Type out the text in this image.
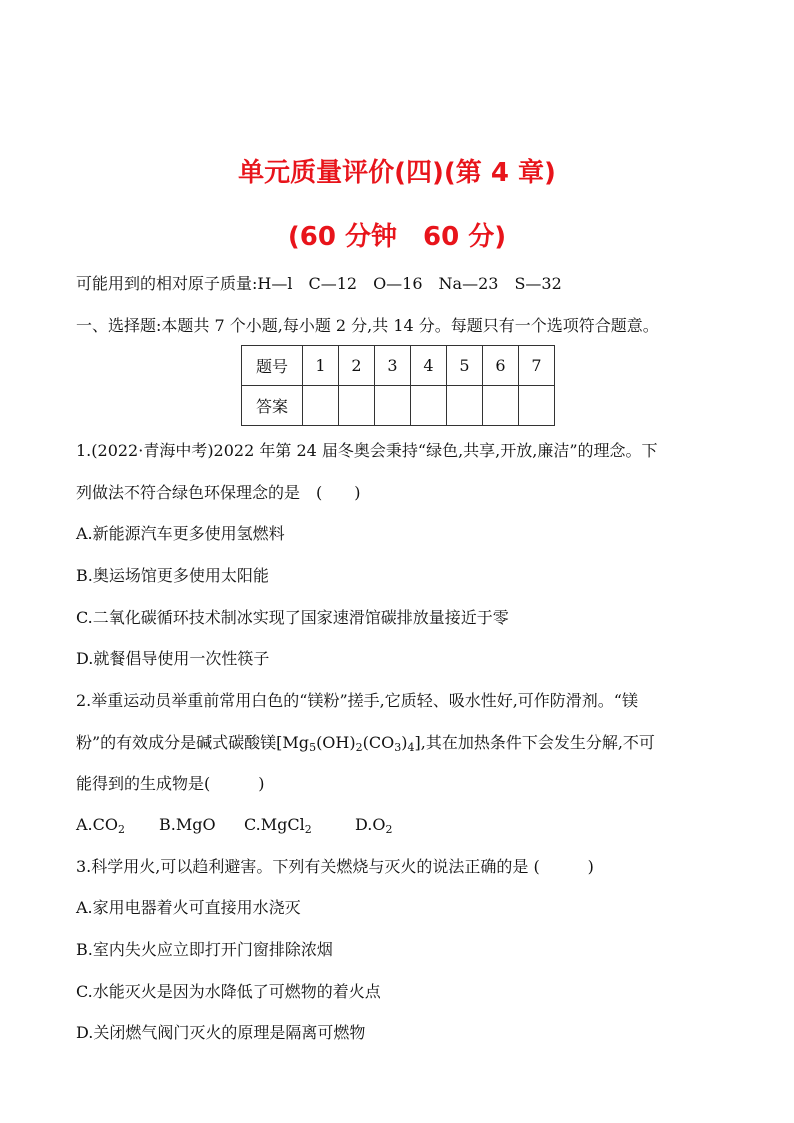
单元质量评价(四)(第 4 章)
(60 分钟　60 分)
可能用到的相对原子质量:H—l　C—12　O—16　Na—23　S—32
一、选择题:本题共 7 个小题,每小题 2 分,共 14 分。每题只有一个选项符合题意。
题号	1	2	3	4	5	6	7
答案							
1.(2022·青海中考)2022 年第 24 届冬奥会秉持“绿色,共享,开放,廉洁”的理念。下
列做法不符合绿色环保理念的是　(　　)
A.新能源汽车更多使用氢燃料
B.奥运场馆更多使用太阳能
C.二氧化碳循环技术制冰实现了国家速滑馆碳排放量接近于零
D.就餐倡导使用一次性筷子
2.举重运动员举重前常用白色的“镁粉”搓手,它质轻、吸水性好,可作防滑剂。“镁
粉”的有效成分是碱式碳酸镁$[Mg_5(OH)_2(CO_3)_4]$,其在加热条件下会发生分解,不可
能得到的生成物是(　　　)
$A.CO_2$ B.MgO C.MgCl$_2$	$D.O_2$
3.科学用火,可以趋利避害。下列有关燃烧与灭火的说法正确的是 (　　　)
A.家用电器着火可直接用水浇灭
B.室内失火应立即打开门窗排除浓烟
C.水能灭火是因为水降低了可燃物的着火点
D.关闭燃气阀门灭火的原理是隔离可燃物
